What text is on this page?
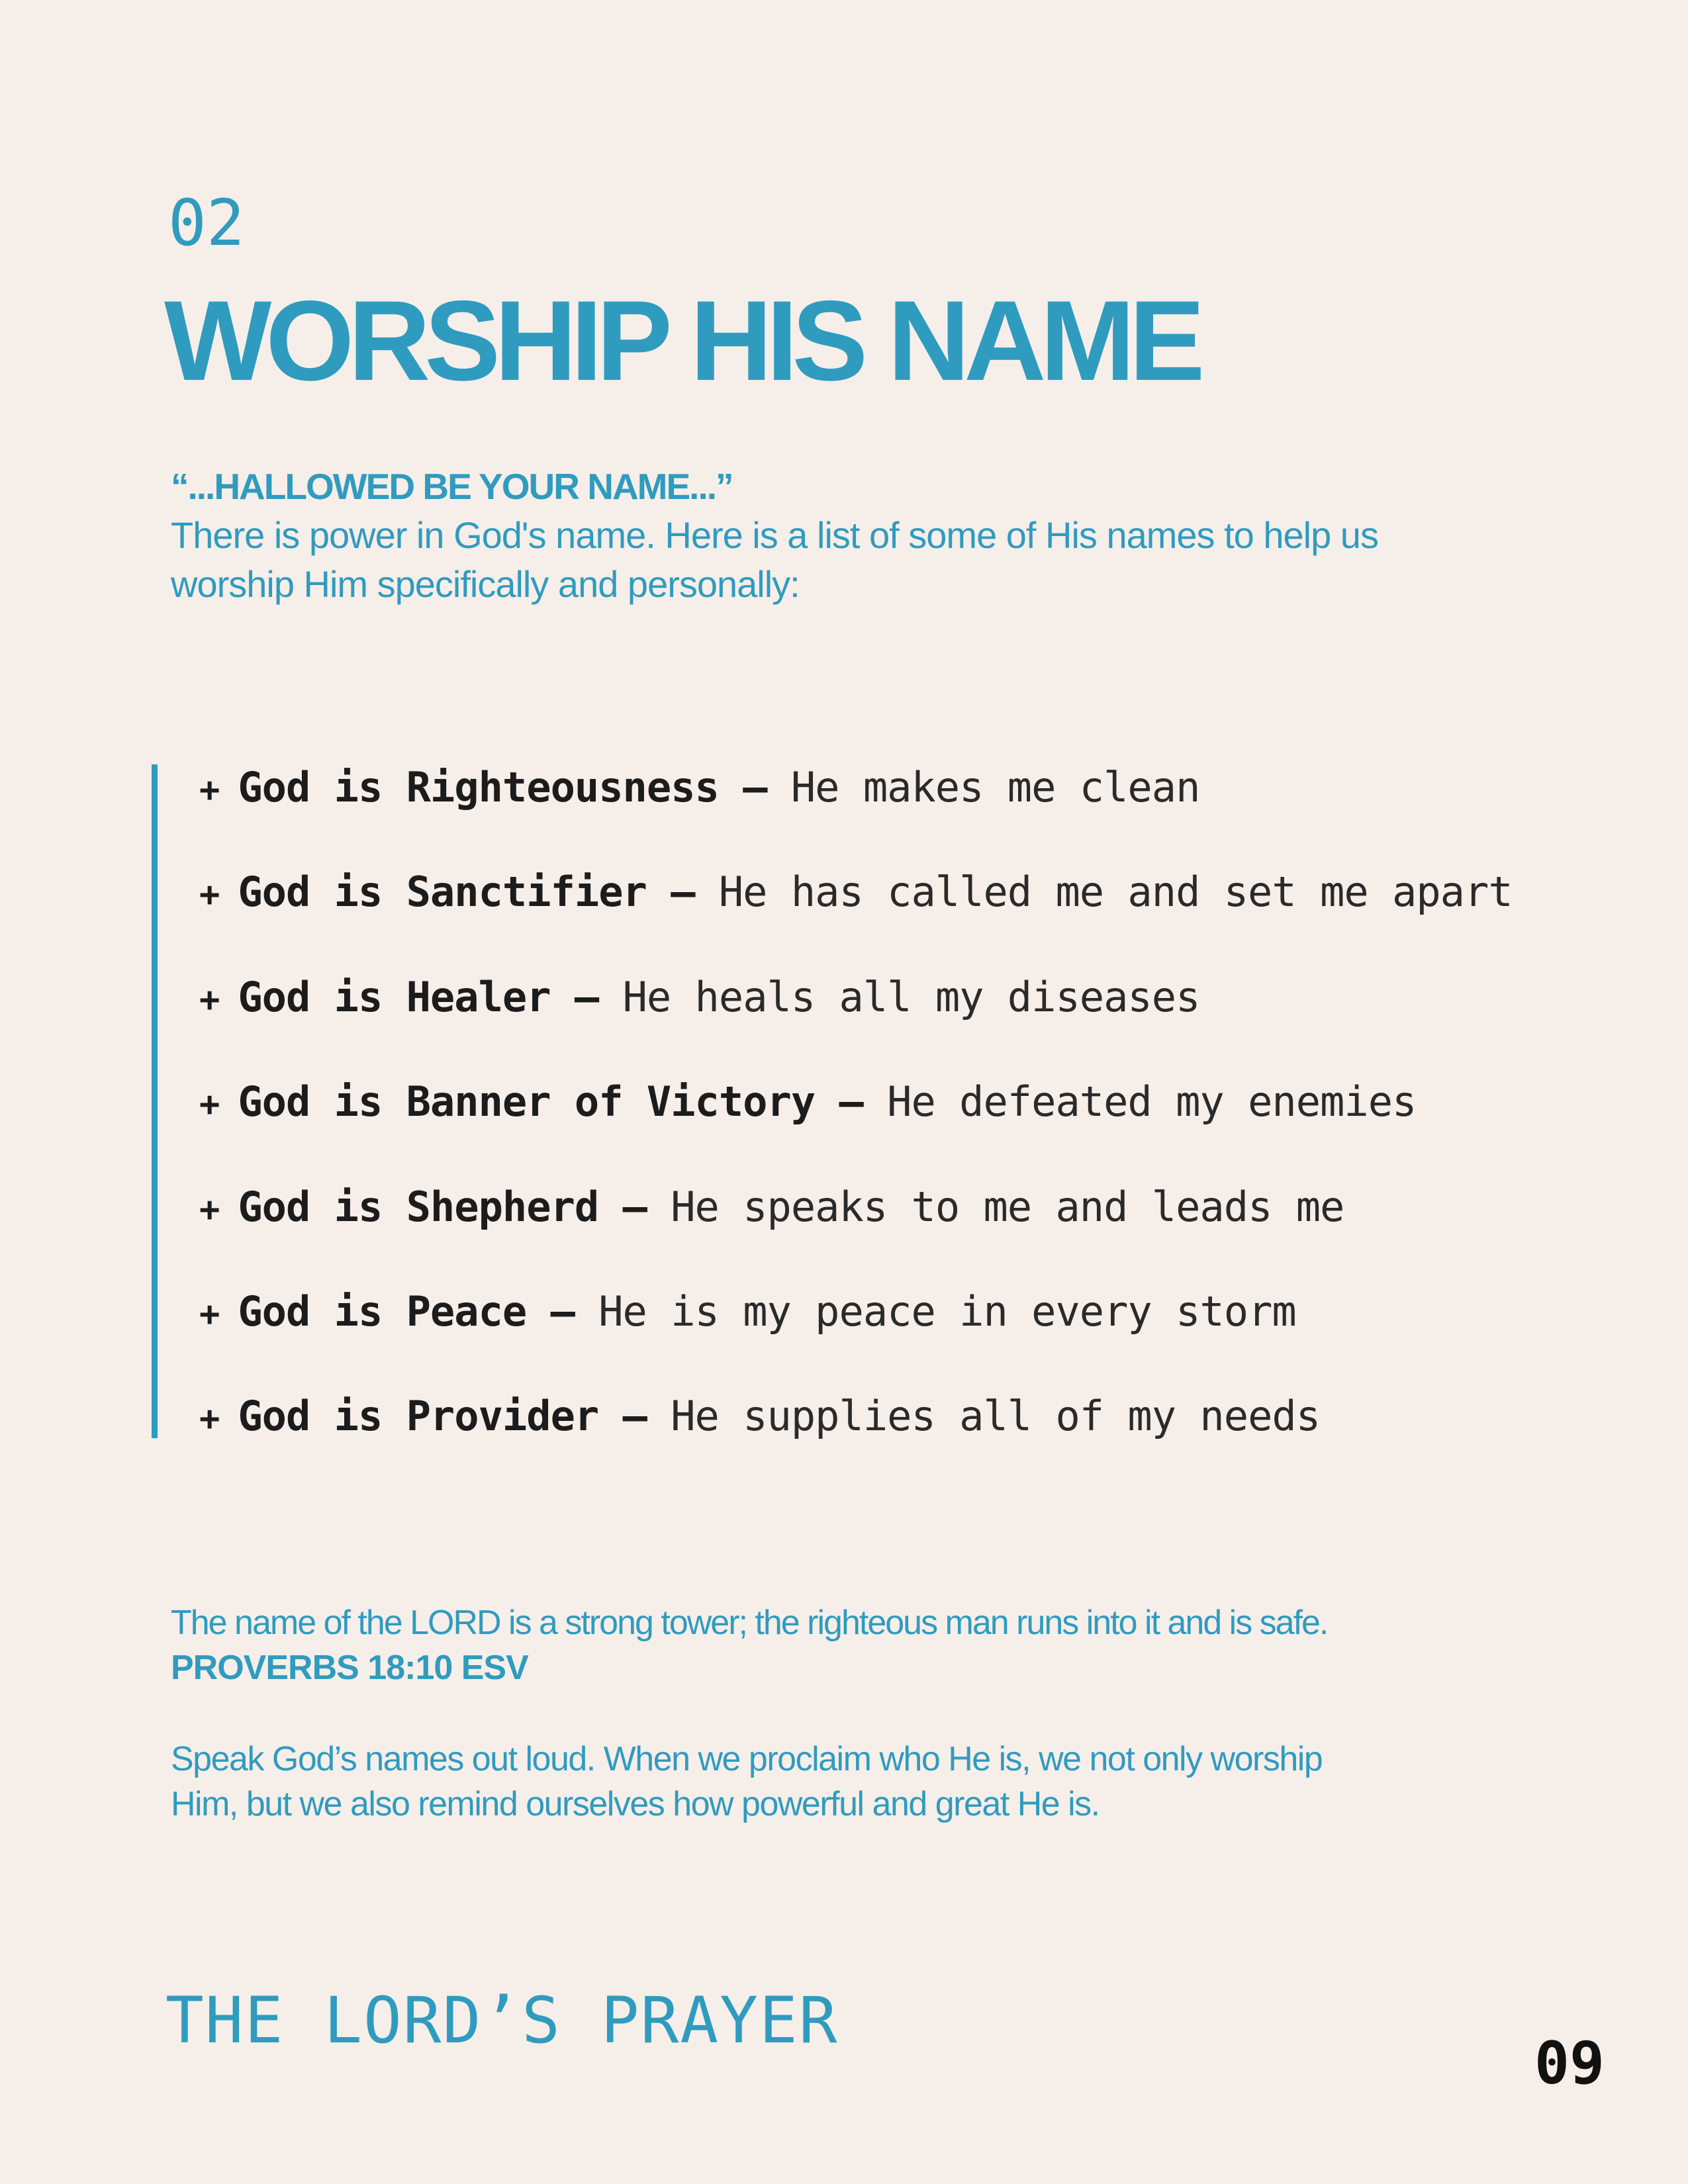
02
WORSHIP HIS NAME
“...HALLOWED BE YOUR NAME...”

There is power in God's name. Here is a list of some of His names to help us worship Him specifically and personally:

+ God is Righteousness — He makes me clean
+ God is Sanctifier — He has called me and set me apart
+ God is Healer — He heals all my diseases
+ God is Banner of Victory — He defeated my enemies
+ God is Shepherd — He speaks to me and leads me
+ God is Peace — He is my peace in every storm
+ God is Provider — He supplies all of my needs

The name of the LORD is a strong tower; the righteous man runs into it and is safe. PROVERBS 18:10 ESV

Speak God’s names out loud. When we proclaim who He is, we not only worship Him, but we also remind ourselves how powerful and great He is.

THE LORD’S PRAYER
09
